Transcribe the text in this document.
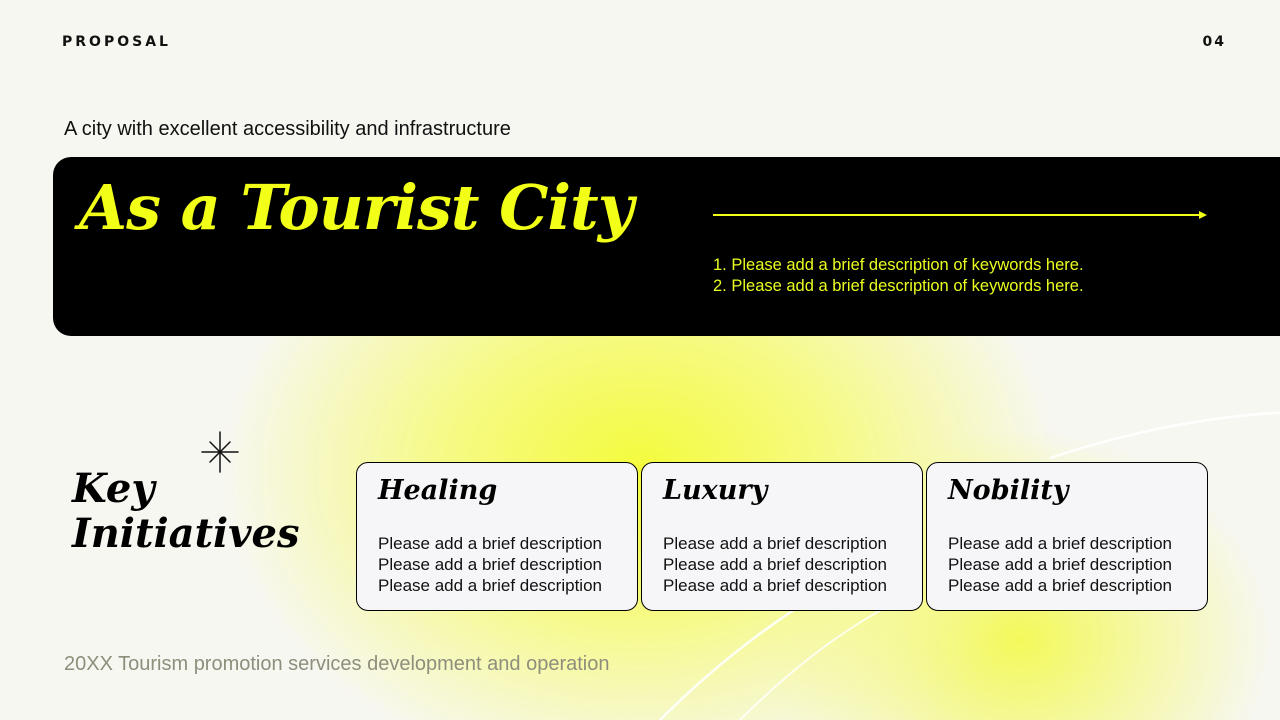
PROPOSAL	04
A city with excellent accessibility and infrastructure
As a Tourist City
1. Please add a brief description of keywords here.
2. Please add a brief description of keywords here.
Key
Initiatives
Healing
Please add a brief description
Please add a brief description
Please add a brief description
Luxury
Please add a brief description
Please add a brief description
Please add a brief description
Nobility
Please add a brief description
Please add a brief description
Please add a brief description
20XX Tourism promotion services development and operation
